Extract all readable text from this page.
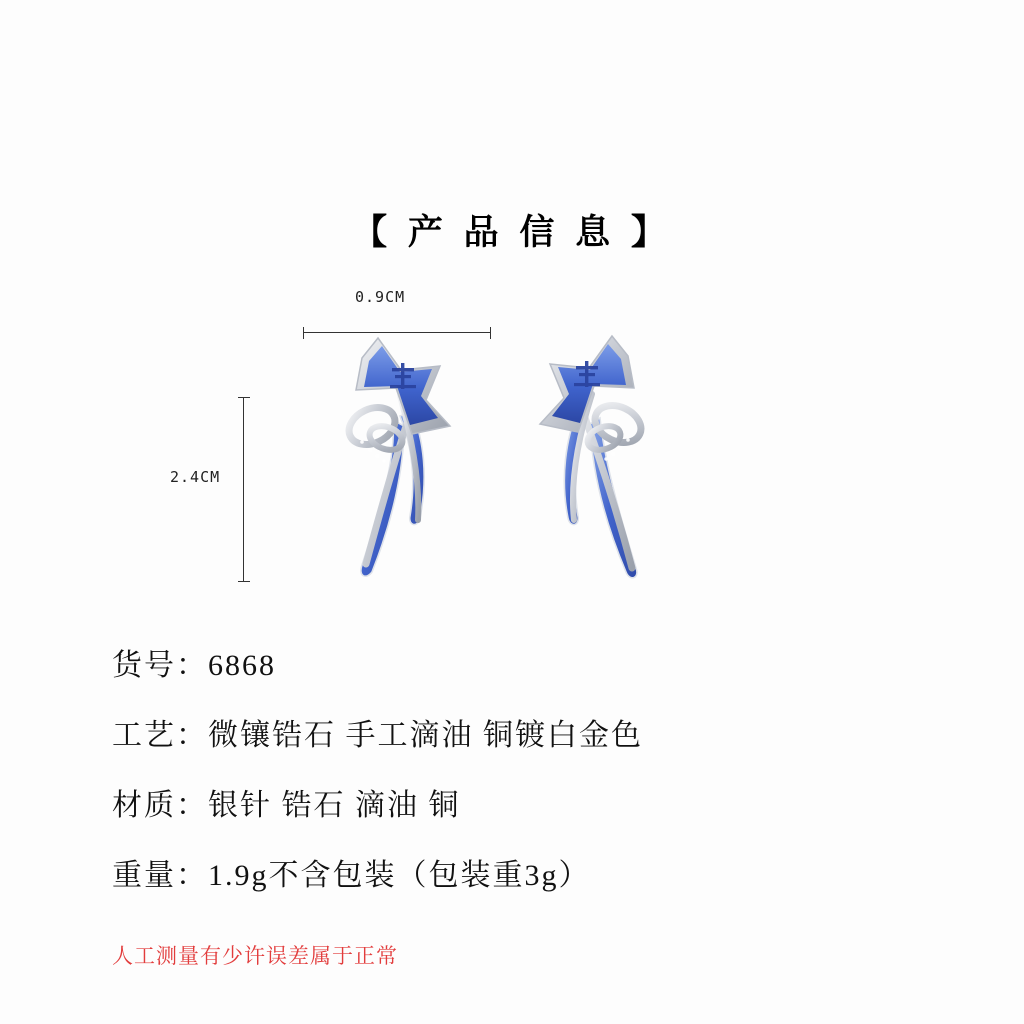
【 产 品 信 息 】
0.9CM
2.4CM
货号：6868
工艺：微镶锆石 手工滴油 铜镀白金色
材质：银针 锆石 滴油 铜
重量：1.9g不含包装（包装重3g）
人工测量有少许误差属于正常
